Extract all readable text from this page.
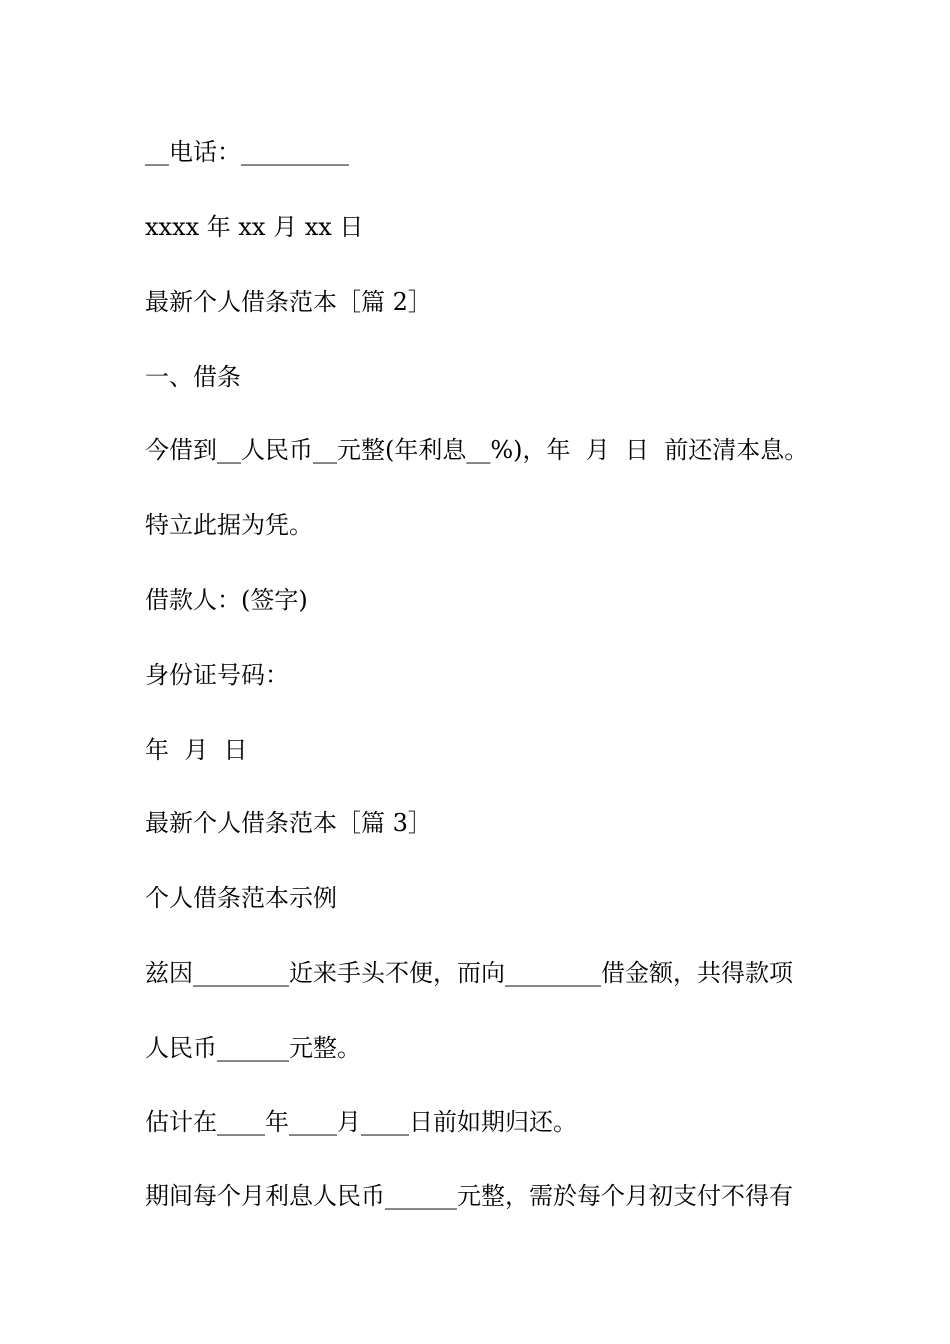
__电话：_________
xxxx 年 xx 月 xx 日
最新个人借条范本［篇 2］
一、借条
今借到__人民币__元整(年利息__%)，年  月  日  前还清本息。
特立此据为凭。
借款人：(签字)
身份证号码：
年  月  日
最新个人借条范本［篇 3］
个人借条范本示例
兹因________近来手头不便，而向________借金额，共得款项
人民币______元整。
估计在____年____月____日前如期归还。
期间每个月利息人民币______元整，需於每个月初支付不得有
